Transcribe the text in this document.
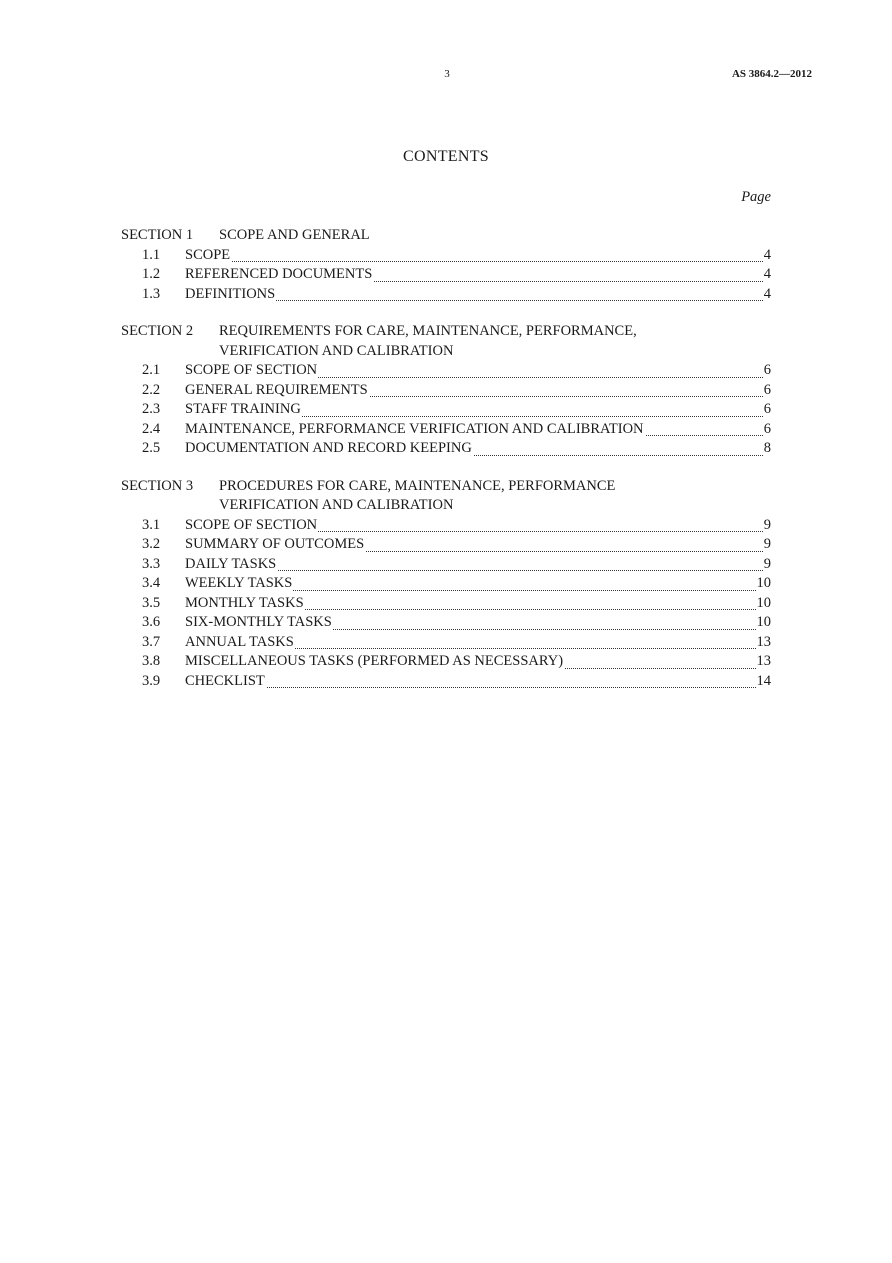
3	AS 3864.2—2012
CONTENTS
Page
SECTION 1	SCOPE AND GENERAL
1.1	SCOPE	4
1.2	REFERENCED DOCUMENTS	4
1.3	DEFINITIONS	4
SECTION 2	REQUIREMENTS FOR CARE, MAINTENANCE, PERFORMANCE, VERIFICATION AND CALIBRATION
2.1	SCOPE OF SECTION	6
2.2	GENERAL REQUIREMENTS	6
2.3	STAFF TRAINING	6
2.4	MAINTENANCE, PERFORMANCE VERIFICATION AND CALIBRATION	6
2.5	DOCUMENTATION AND RECORD KEEPING	8
SECTION 3	PROCEDURES FOR CARE, MAINTENANCE, PERFORMANCE VERIFICATION AND CALIBRATION
3.1	SCOPE OF SECTION	9
3.2	SUMMARY OF OUTCOMES	9
3.3	DAILY TASKS	9
3.4	WEEKLY TASKS	10
3.5	MONTHLY TASKS	10
3.6	SIX-MONTHLY TASKS	10
3.7	ANNUAL TASKS	13
3.8	MISCELLANEOUS TASKS (PERFORMED AS NECESSARY)	13
3.9	CHECKLIST	14
